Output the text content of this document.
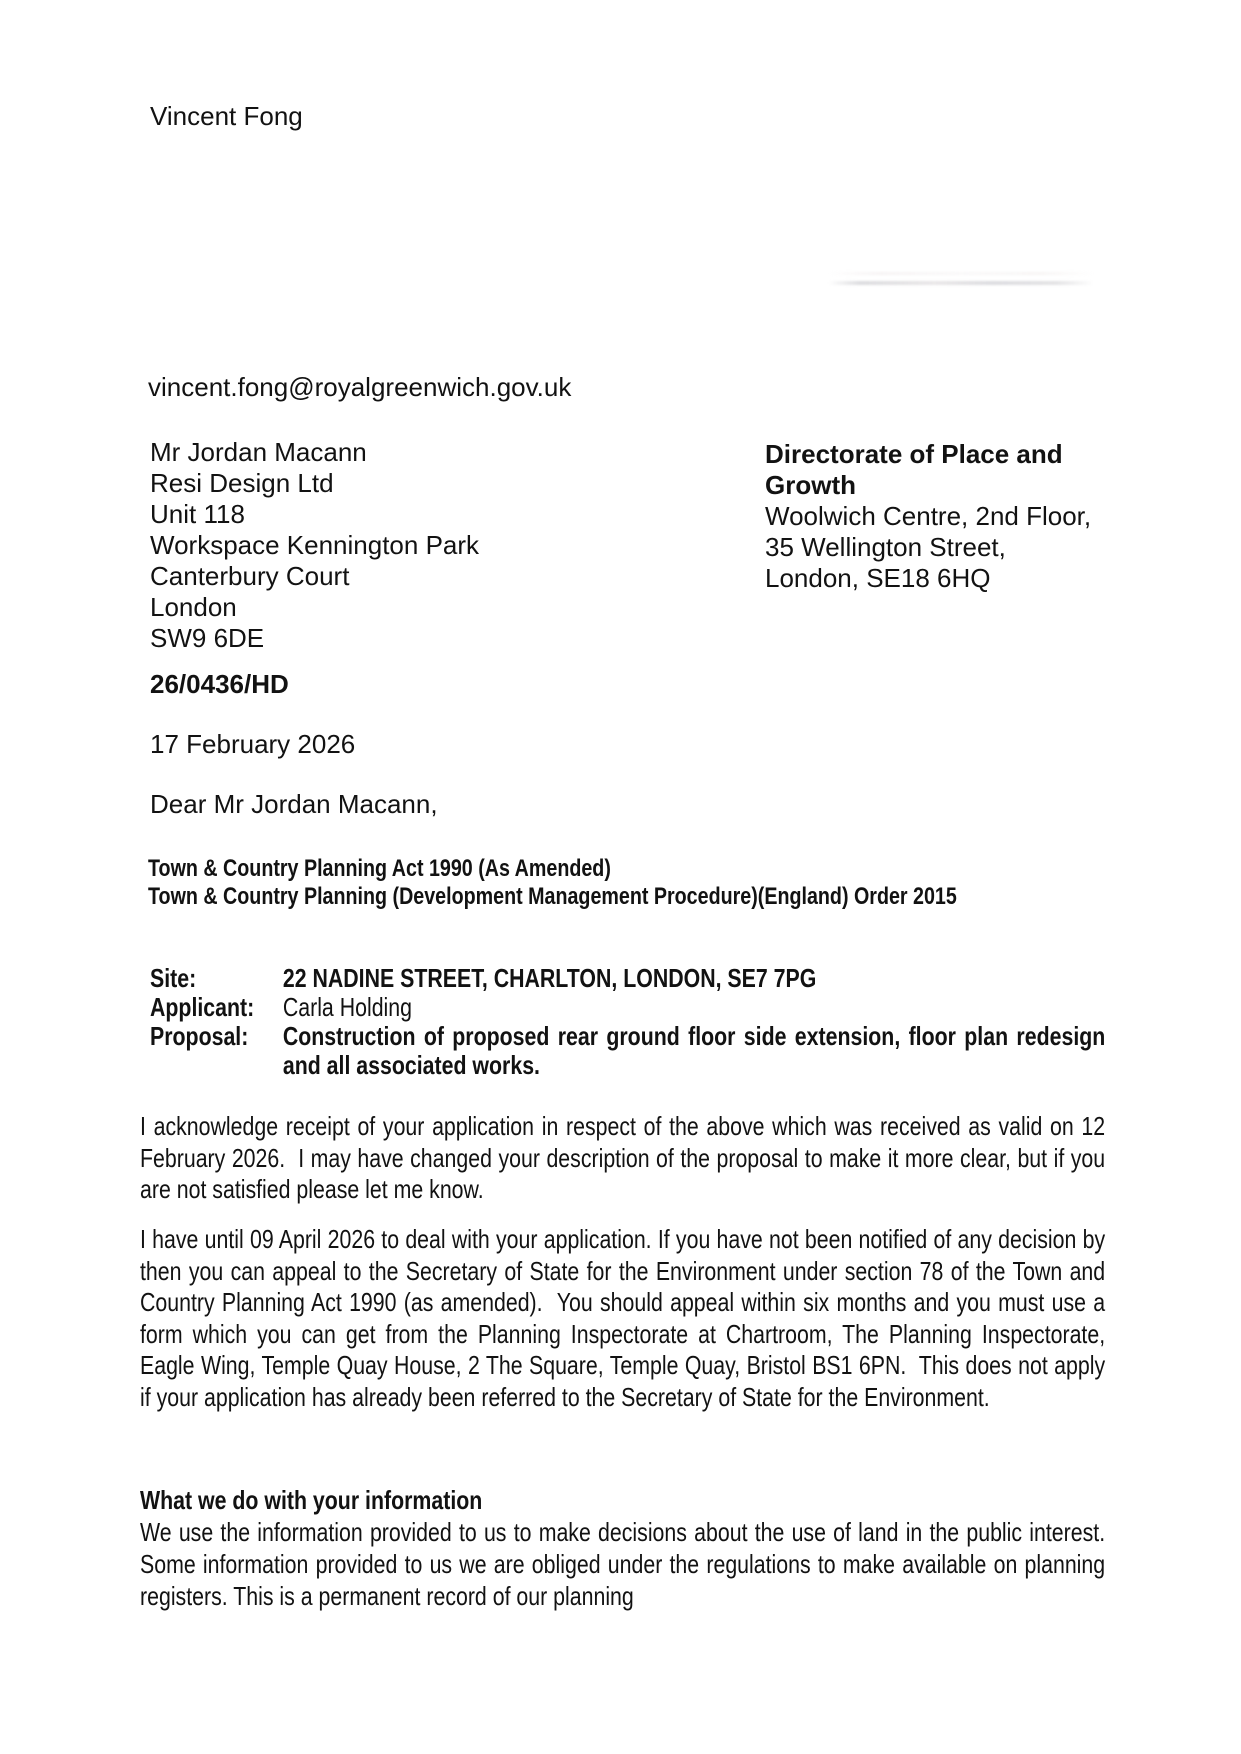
Vincent Fong
vincent.fong@royalgreenwich.gov.uk
Mr Jordan Macann
Resi Design Ltd
Unit 118
Workspace Kennington Park
Canterbury Court
London
SW9 6DE
Directorate of Place and
Growth
Woolwich Centre, 2nd Floor,
35 Wellington Street,
London, SE18 6HQ
26/0436/HD
17 February 2026
Dear Mr Jordan Macann,
Town & Country Planning Act 1990 (As Amended)
Town & Country Planning (Development Management Procedure)(England) Order 2015
Site:	22 NADINE STREET, CHARLTON, LONDON, SE7 7PG
Applicant:	Carla Holding
Proposal:	Construction of proposed rear ground floor side extension, floor plan redesign and all associated works.
I acknowledge receipt of your application in respect of the above which was received as valid on 12 February 2026.  I may have changed your description of the proposal to make it more clear, but if you are not satisfied please let me know.
I have until 09 April 2026 to deal with your application. If you have not been notified of any decision by then you can appeal to the Secretary of State for the Environment under section 78 of the Town and Country Planning Act 1990 (as amended).  You should appeal within six months and you must use a form which you can get from the Planning Inspectorate at Chartroom, The Planning Inspectorate, Eagle Wing, Temple Quay House, 2 The Square, Temple Quay, Bristol BS1 6PN.  This does not apply if your application has already been referred to the Secretary of State for the Environment.
What we do with your information
We use the information provided to us to make decisions about the use of land in the public interest. Some information provided to us we are obliged under the regulations to make available on planning registers. This is a permanent record of our planning
